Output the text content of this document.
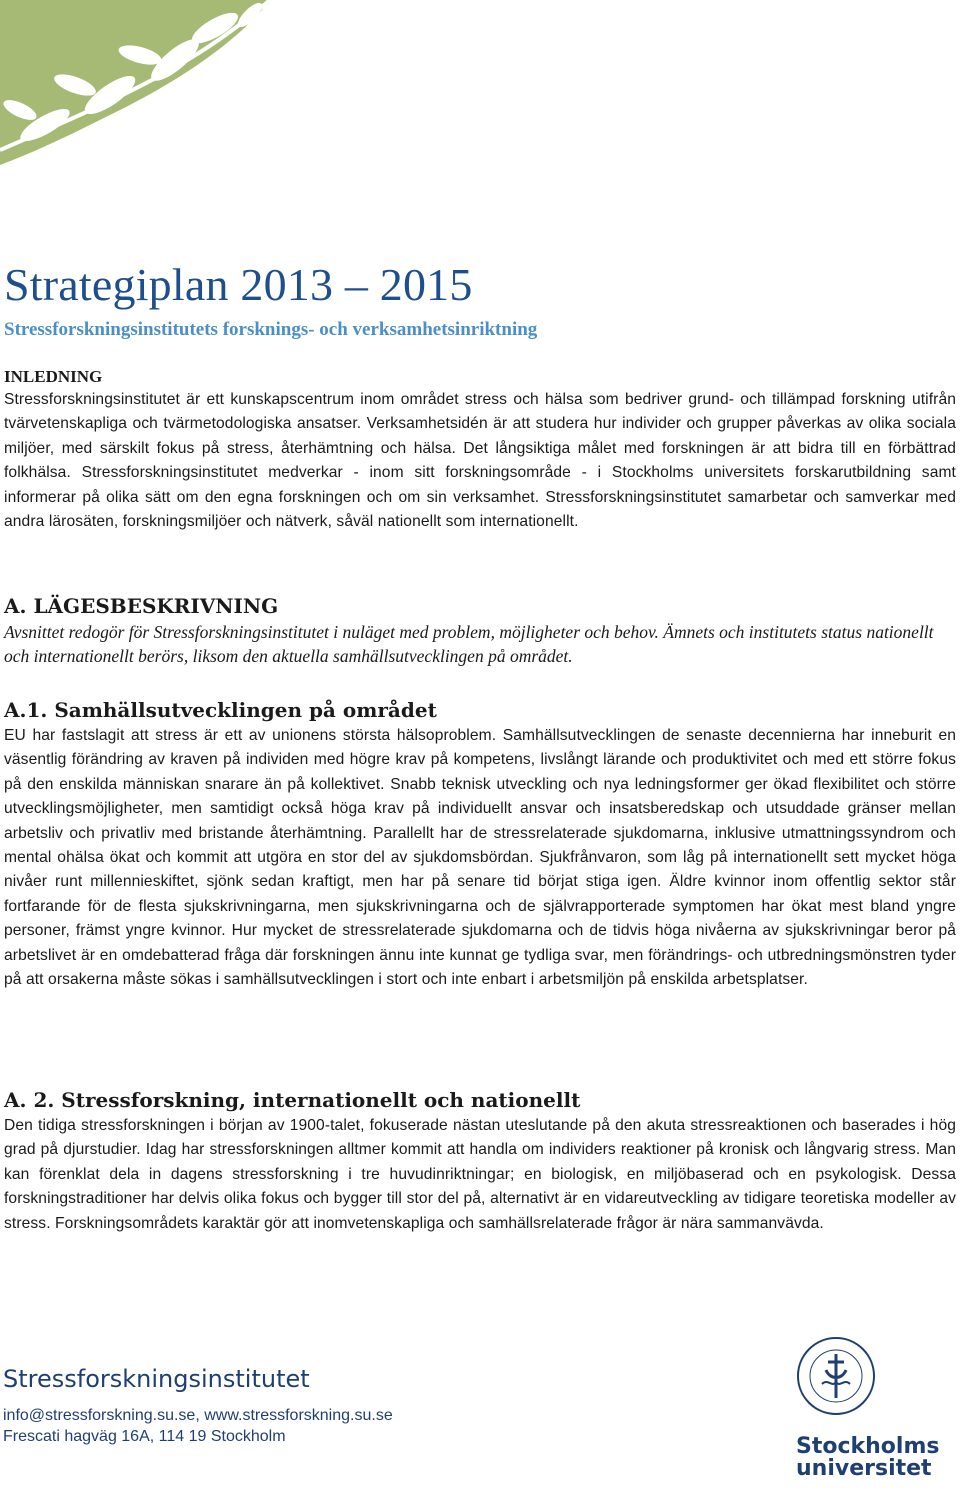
Strategiplan 2013 – 2015
Stressforskningsinstitutets forsknings- och verksamhetsinriktning
INLEDNING

Stressforskningsinstitutet är ett kunskapscentrum inom området stress och hälsa som bedriver grund- och tillämpad forskning utifrån tvärvetenskapliga och tvärmetodologiska ansatser. Verksamhetsidén är att studera hur individer och grupper påverkas av olika sociala miljöer, med särskilt fokus på stress, återhämtning och hälsa. Det långsiktiga målet med forskningen är att bidra till en förbättrad folkhälsa. Stressforskningsinstitutet medverkar - inom sitt forskningsområde - i Stockholms universitets forskarutbildning samt informerar på olika sätt om den egna forskningen och om sin verksamhet. Stressforskningsinstitutet samarbetar och samverkar med andra lärosäten, forskningsmiljöer och nätverk, såväl nationellt som internationellt.

A. LÄGESBESKRIVNING

Avsnittet redogör för Stressforskningsinstitutet i nuläget med problem, möjligheter och behov. Ämnets och institutets status nationellt och internationellt berörs, liksom den aktuella samhällsutvecklingen på området.

A.1. Samhällsutvecklingen på området

EU har fastslagit att stress är ett av unionens största hälsoproblem. Samhällsutvecklingen de senaste decennierna har inneburit en väsentlig förändring av kraven på individen med högre krav på kompetens, livslångt lärande och produktivitet och med ett större fokus på den enskilda människan snarare än på kollektivet. Snabb teknisk utveckling och nya ledningsformer ger ökad flexibilitet och större utvecklingsmöjligheter, men samtidigt också höga krav på individuellt ansvar och insatsberedskap och utsuddade gränser mellan arbetsliv och privatliv med bristande återhämtning. Parallellt har de stressrelaterade sjukdomarna, inklusive utmattningssyndrom och mental ohälsa ökat och kommit att utgöra en stor del av sjukdomsbördan. Sjukfrånvaron, som låg på internationellt sett mycket höga nivåer runt millennieskiftet, sjönk sedan kraftigt, men har på senare tid börjat stiga igen. Äldre kvinnor inom offentlig sektor står fortfarande för de flesta sjukskrivningarna, men sjukskrivningarna och de självrapporterade symptomen har ökat mest bland yngre personer, främst yngre kvinnor. Hur mycket de stressrelaterade sjukdomarna och de tidvis höga nivåerna av sjukskrivningar beror på arbetslivet är en omdebatterad fråga där forskningen ännu inte kunnat ge tydliga svar, men förändrings- och utbredningsmönstren tyder på att orsakerna måste sökas i samhällsutvecklingen i stort och inte enbart i arbetsmiljön på enskilda arbetsplatser.

A. 2. Stressforskning, internationellt och nationellt

Den tidiga stressforskningen i början av 1900-talet, fokuserade nästan uteslutande på den akuta stressreaktionen och baserades i hög grad på djurstudier. Idag har stressforskningen alltmer kommit att handla om individers reaktioner på kronisk och långvarig stress. Man kan förenklat dela in dagens stressforskning i tre huvudinriktningar; en biologisk, en miljöbaserad och en psykologisk. Dessa forskningstraditioner har delvis olika fokus och bygger till stor del på, alternativt är en vidareutveckling av tidigare teoretiska modeller av stress. Forskningsområdets karaktär gör att inomvetenskapliga och samhällsrelaterade frågor är nära sammanvävda.

Stressforskningsinstitutet

info@stressforskning.su.se, www.stressforskning.su.se

Frescati hagväg 16A, 114 19 Stockholm	Stockholms
universitet
